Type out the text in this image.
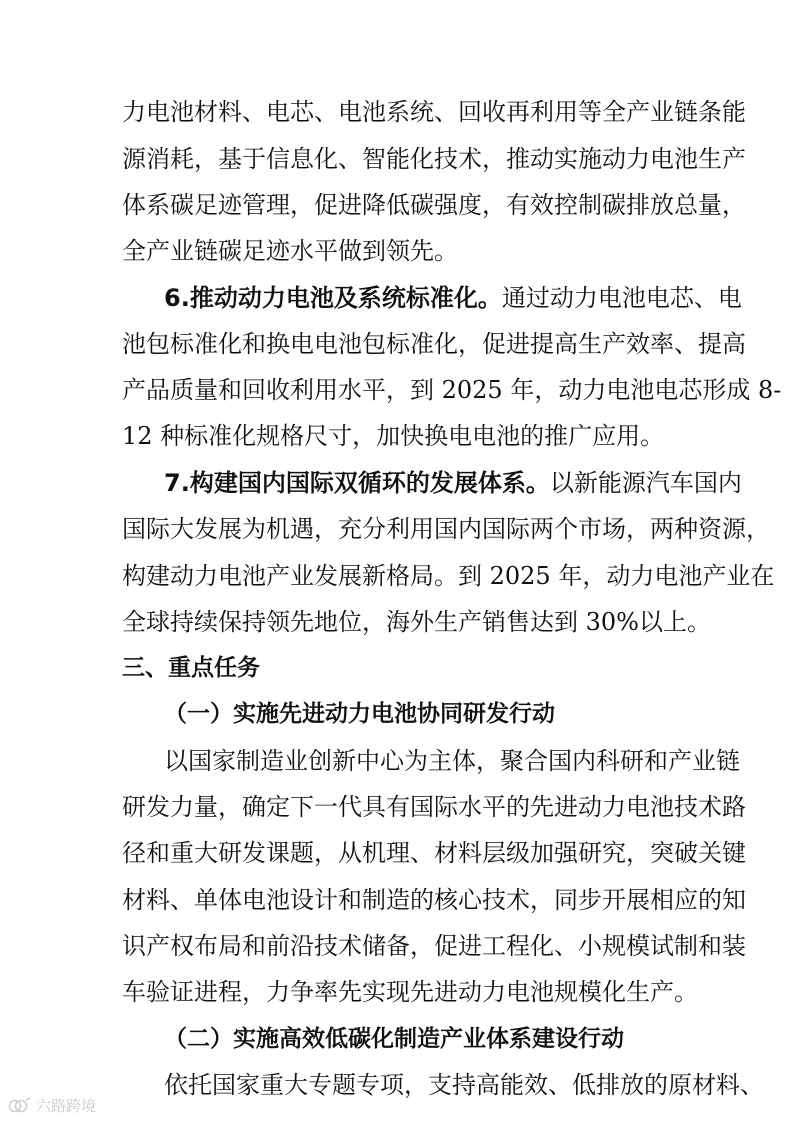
力电池材料、电芯、电池系统、回收再利用等全产业链条能
源消耗，基于信息化、智能化技术，推动实施动力电池生产
体系碳足迹管理，促进降低碳强度，有效控制碳排放总量，
全产业链碳足迹水平做到领先。
6.推动动力电池及系统标准化。通过动力电池电芯、电
池包标准化和换电电池包标准化，促进提高生产效率、提高
产品质量和回收利用水平，到 2025 年，动力电池电芯形成 8-
12 种标准化规格尺寸，加快换电电池的推广应用。
7.构建国内国际双循环的发展体系。以新能源汽车国内
国际大发展为机遇，充分利用国内国际两个市场，两种资源，
构建动力电池产业发展新格局。到 2025 年，动力电池产业在
全球持续保持领先地位，海外生产销售达到 30%以上。
三、重点任务
（一）实施先进动力电池协同研发行动
以国家制造业创新中心为主体，聚合国内科研和产业链
研发力量，确定下一代具有国际水平的先进动力电池技术路
径和重大研发课题，从机理、材料层级加强研究，突破关键
材料、单体电池设计和制造的核心技术，同步开展相应的知
识产权布局和前沿技术储备，促进工程化、小规模试制和装
车验证进程，力争率先实现先进动力电池规模化生产。
（二）实施高效低碳化制造产业体系建设行动
依托国家重大专题专项，支持高能效、低排放的原材料、
六路跨境
